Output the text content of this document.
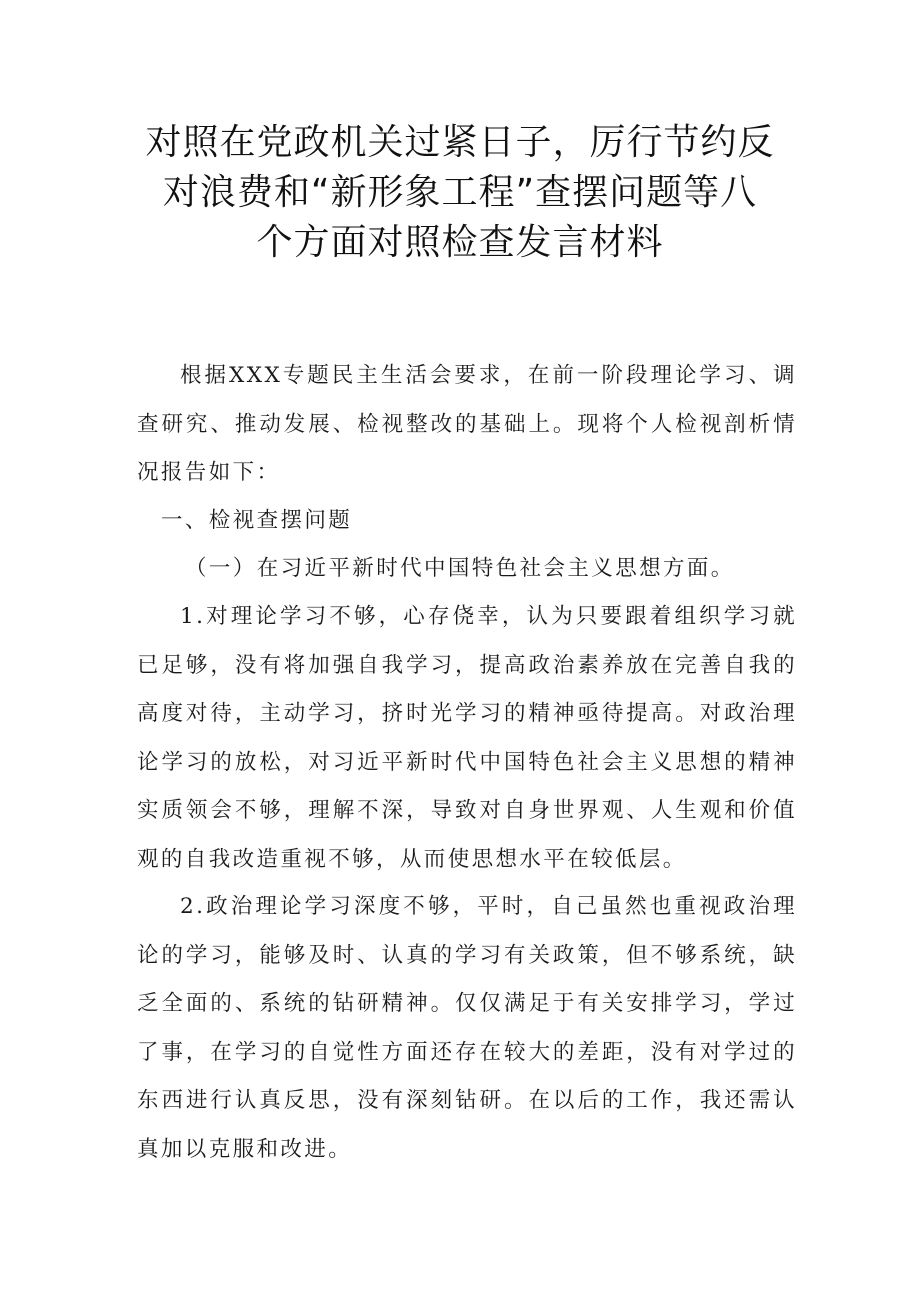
对照在党政机关过紧日子，厉行节约反
对浪费和“新形象工程”查摆问题等八
个方面对照检查发言材料

根据XXX专题民主生活会要求，在前一阶段理论学习、调查研究、推动发展、检视整改的基础上。现将个人检视剖析情况报告如下：

一、检视查摆问题

（一）在习近平新时代中国特色社会主义思想方面。

1.对理论学习不够，心存侥幸，认为只要跟着组织学习就已足够，没有将加强自我学习，提高政治素养放在完善自我的高度对待，主动学习，挤时光学习的精神亟待提高。对政治理论学习的放松，对习近平新时代中国特色社会主义思想的精神实质领会不够，理解不深，导致对自身世界观、人生观和价值观的自我改造重视不够，从而使思想水平在较低层。

2.政治理论学习深度不够，平时，自己虽然也重视政治理论的学习，能够及时、认真的学习有关政策，但不够系统，缺乏全面的、系统的钻研精神。仅仅满足于有关安排学习，学过了事，在学习的自觉性方面还存在较大的差距，没有对学过的东西进行认真反思，没有深刻钻研。在以后的工作，我还需认真加以克服和改进。
